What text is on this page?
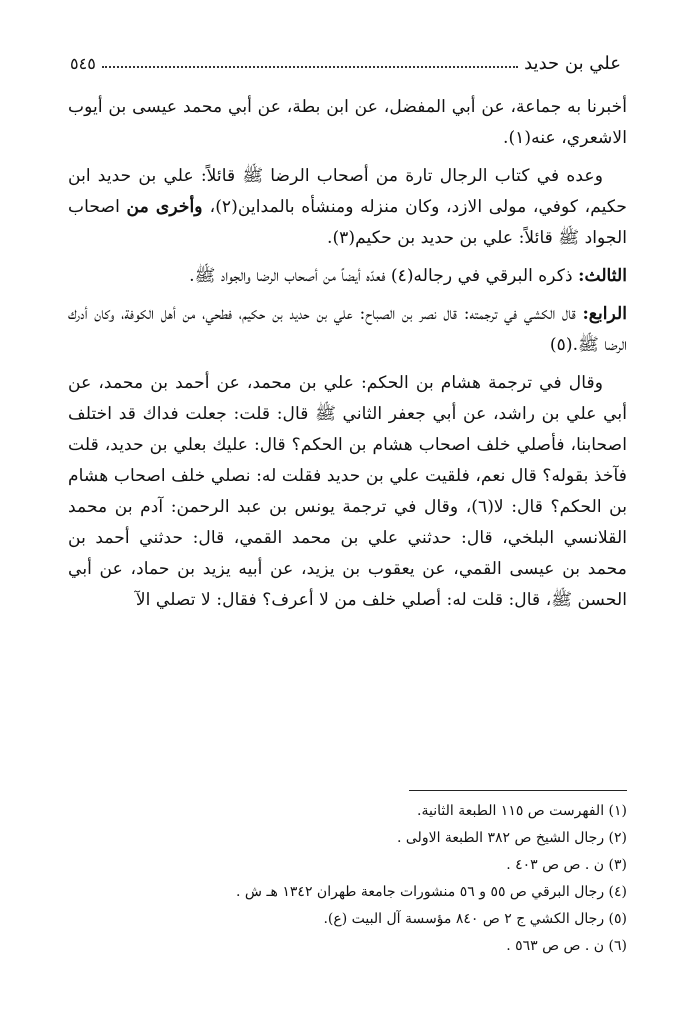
علي بن حديد
٥٤٥

أخبرنا به جماعة، عن أبي المفضل، عن ابن بطة، عن أبي محمد عيسى بن أيوب الاشعري، عنه(١).

وعده في كتاب الرجال تارة من أصحاب الرضا ﷺ قائلاً: علي بن حديد ابن حكيم، كوفي، مولى الازد، وكان منزله ومنشأه بالمداين(٢)، وأخرى من اصحاب الجواد ﷺ قائلاً: علي بن حديد بن حكيم(٣).

الثالث: ذكره البرقي في رجاله(٤) فعدّه أيضاً من أصحاب الرضا والجواد ﷺ.

الرابع: قال الكشي في ترجمته: قال نصر بن الصباح: علي بن حديد بن حكيم، فطحي، من أهل الكوفة، وكان أدرك الرضا ﷺ.(٥)

وقال في ترجمة هشام بن الحكم: علي بن محمد، عن أحمد بن محمد، عن أبي علي بن راشد، عن أبي جعفر الثاني ﷺ قال: قلت: جعلت فداك قد اختلف اصحابنا، فأصلي خلف اصحاب هشام بن الحكم؟ قال: عليك بعلي بن حديد، قلت فآخذ بقوله؟ قال نعم، فلقيت علي بن حديد فقلت له: نصلي خلف اصحاب هشام بن الحكم؟ قال: لا(٦)، وقال في ترجمة يونس بن عبد الرحمن: آدم بن محمد القلانسي البلخي، قال: حدثني علي بن محمد القمي، قال: حدثني أحمد بن محمد بن عيسى القمي، عن يعقوب بن يزيد، عن أبيه يزيد بن حماد، عن أبي الحسن ﷺ، قال: قلت له: أصلي خلف من لا أعرف؟ فقال: لا تصلي الآ

(١) الفهرست ص ١١٥ الطبعة الثانية.
(٢) رجال الشيخ ص ٣٨٢ الطبعة الاولى .
(٣) ن . ص ص ٤٠٣ .
(٤) رجال البرقي ص ٥٥ و ٥٦ منشورات جامعة طهران ١٣٤٢ هـ ش .
(٥) رجال الكشي ج ٢ ص ٨٤٠ مؤسسة آل البيت (ع).
(٦) ن . ص ص ٥٦٣ .
